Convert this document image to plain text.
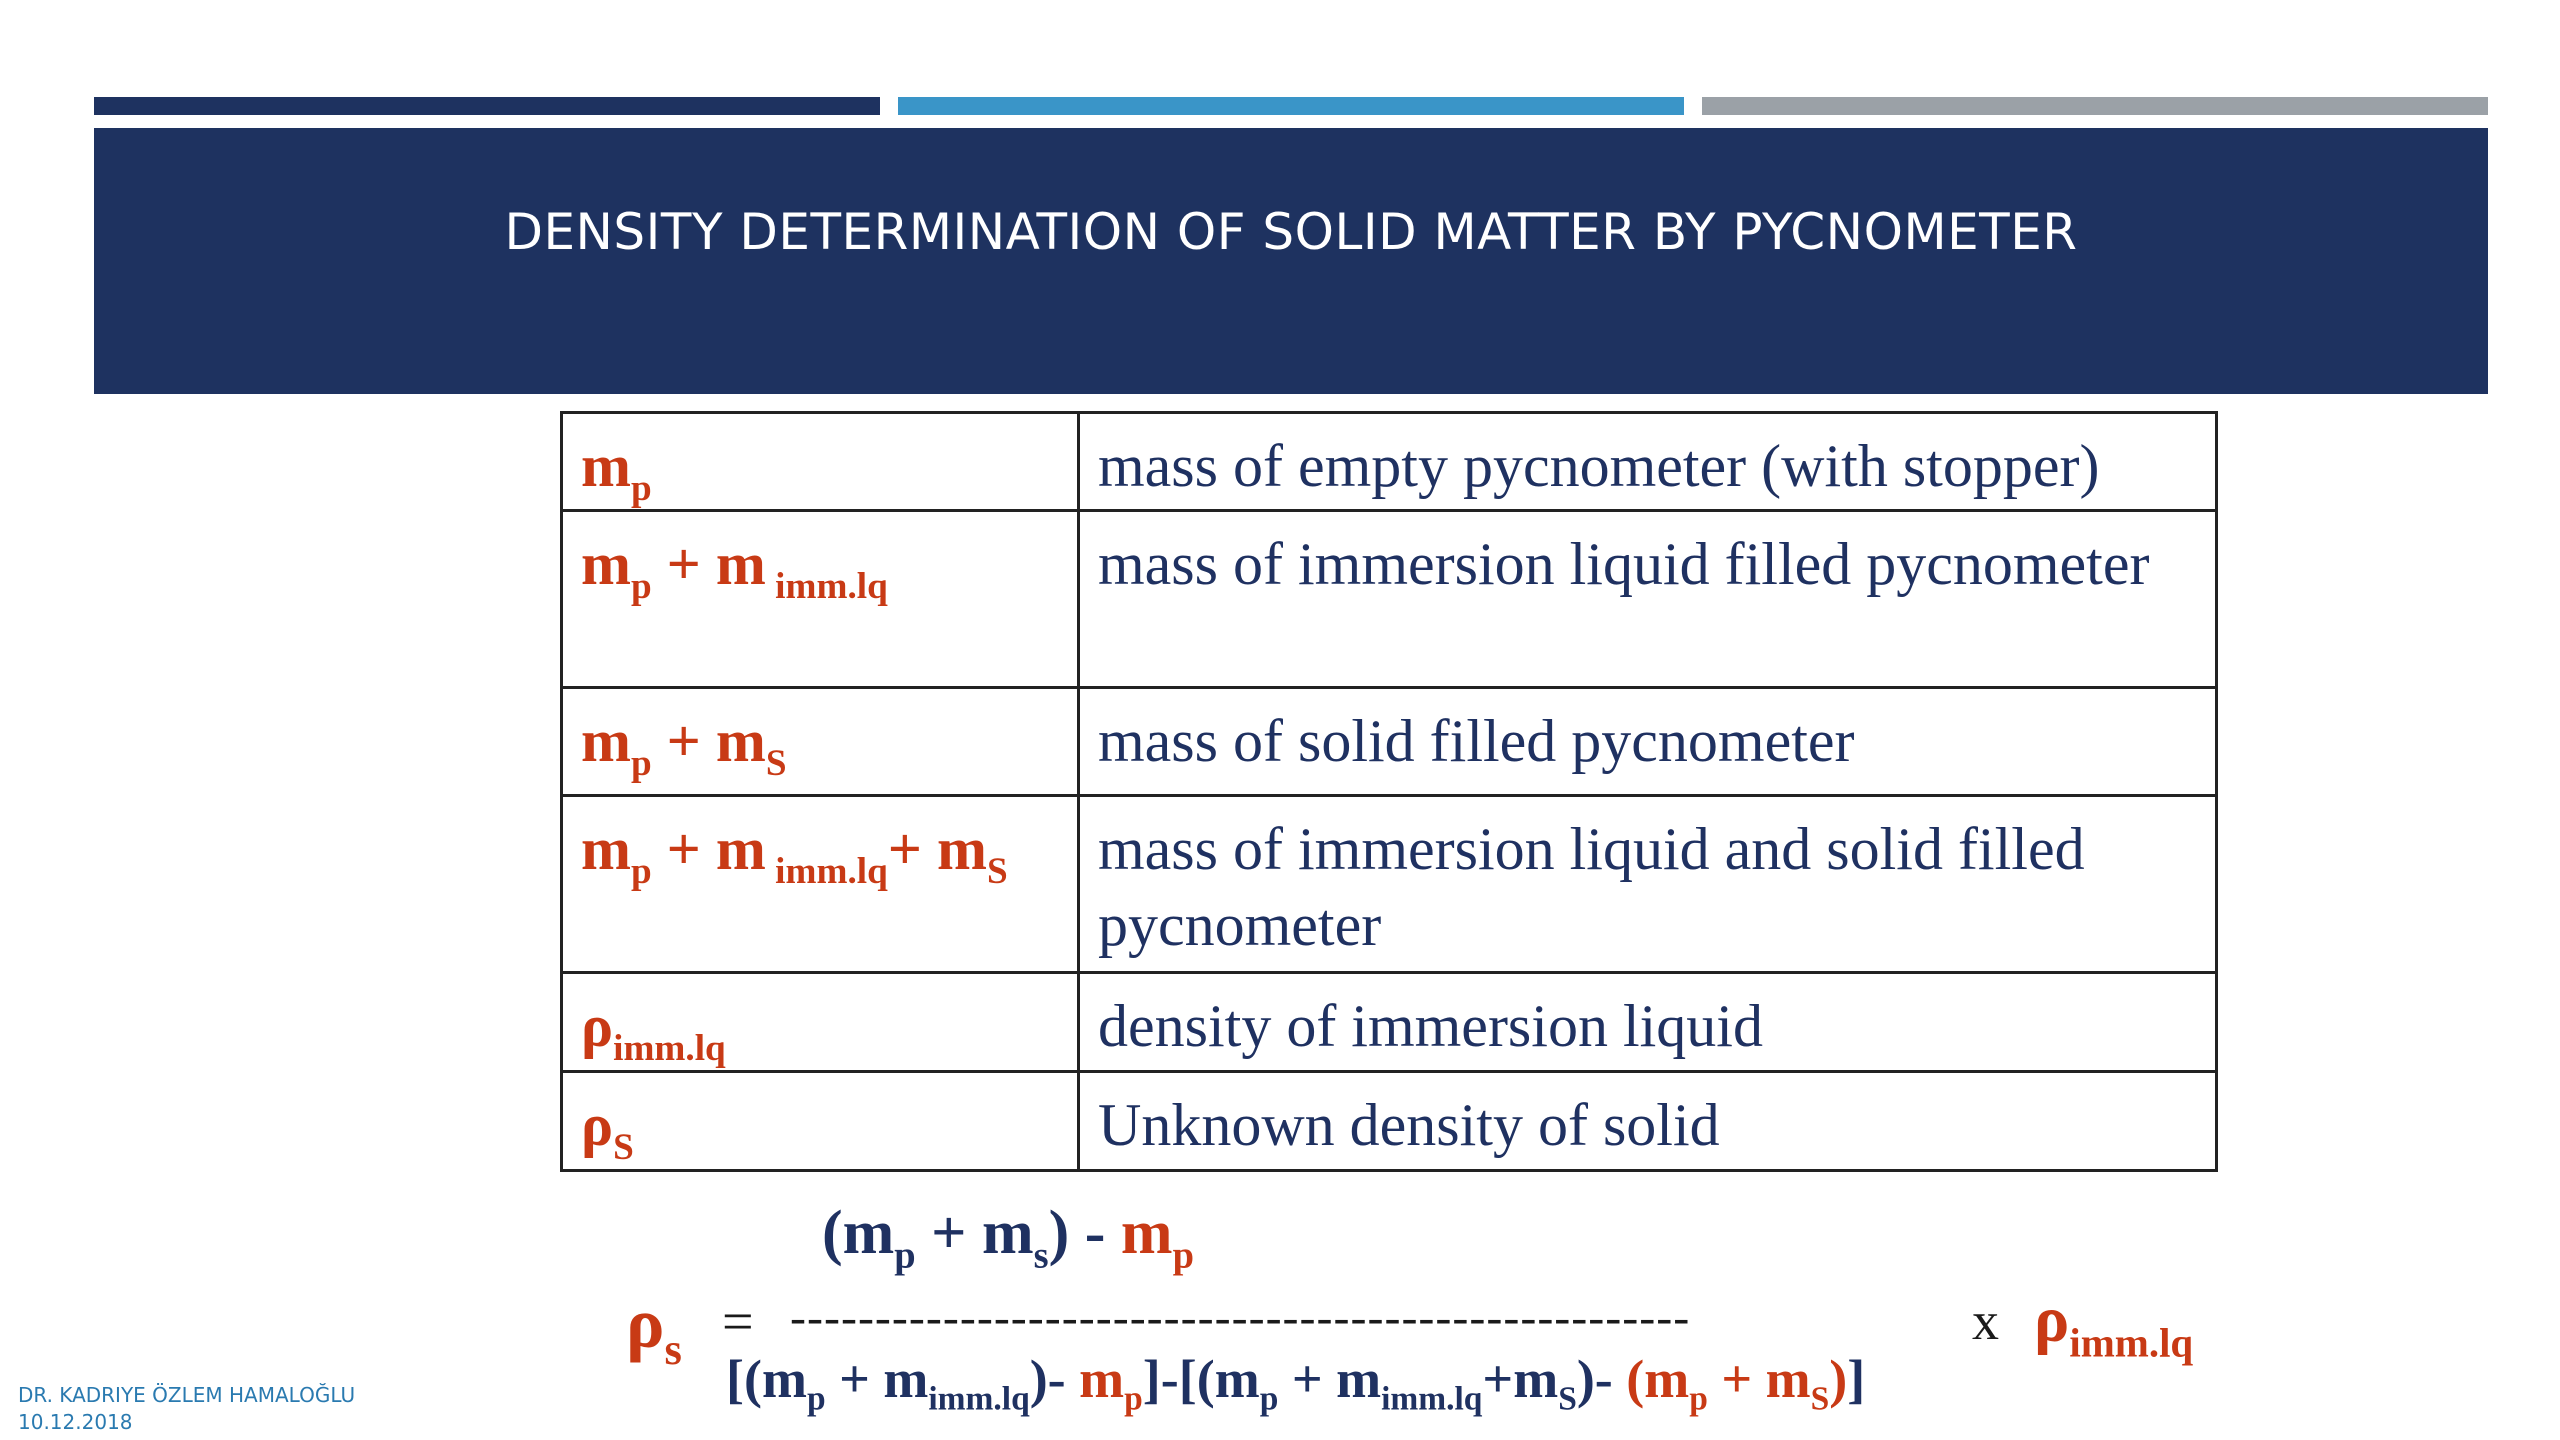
DENSITY DETERMINATION OF SOLID MATTER BY PYCNOMETER
$m_p$	mass of empty pycnometer (with stopper)
$m_p + m$ $_{imm.lq}$	mass of immersion liquid filled pycnometer
$m_p + m_S$	mass of solid filled pycnometer
$m_p + m$ $_{imm.lq}+ m_S$	mass of immersion liquid and solid filled pycnometer
$\rho_{imm.lq}$	density of immersion liquid
$\rho_S$	Unknown density of solid
$(m_p + m_s) - m_p$
$\rho_s$ = -----------------------------------------------------	x $\rho_{imm.lq}$
[$(m_p + m_{imm.lq})-$ $m_p]-[(m_p + m_{imm.lq}+m_S)-$ $(m_p + m_S)$]
DR. KADRIYE ÖZLEM HAMALOĞLU
10.12.2018
